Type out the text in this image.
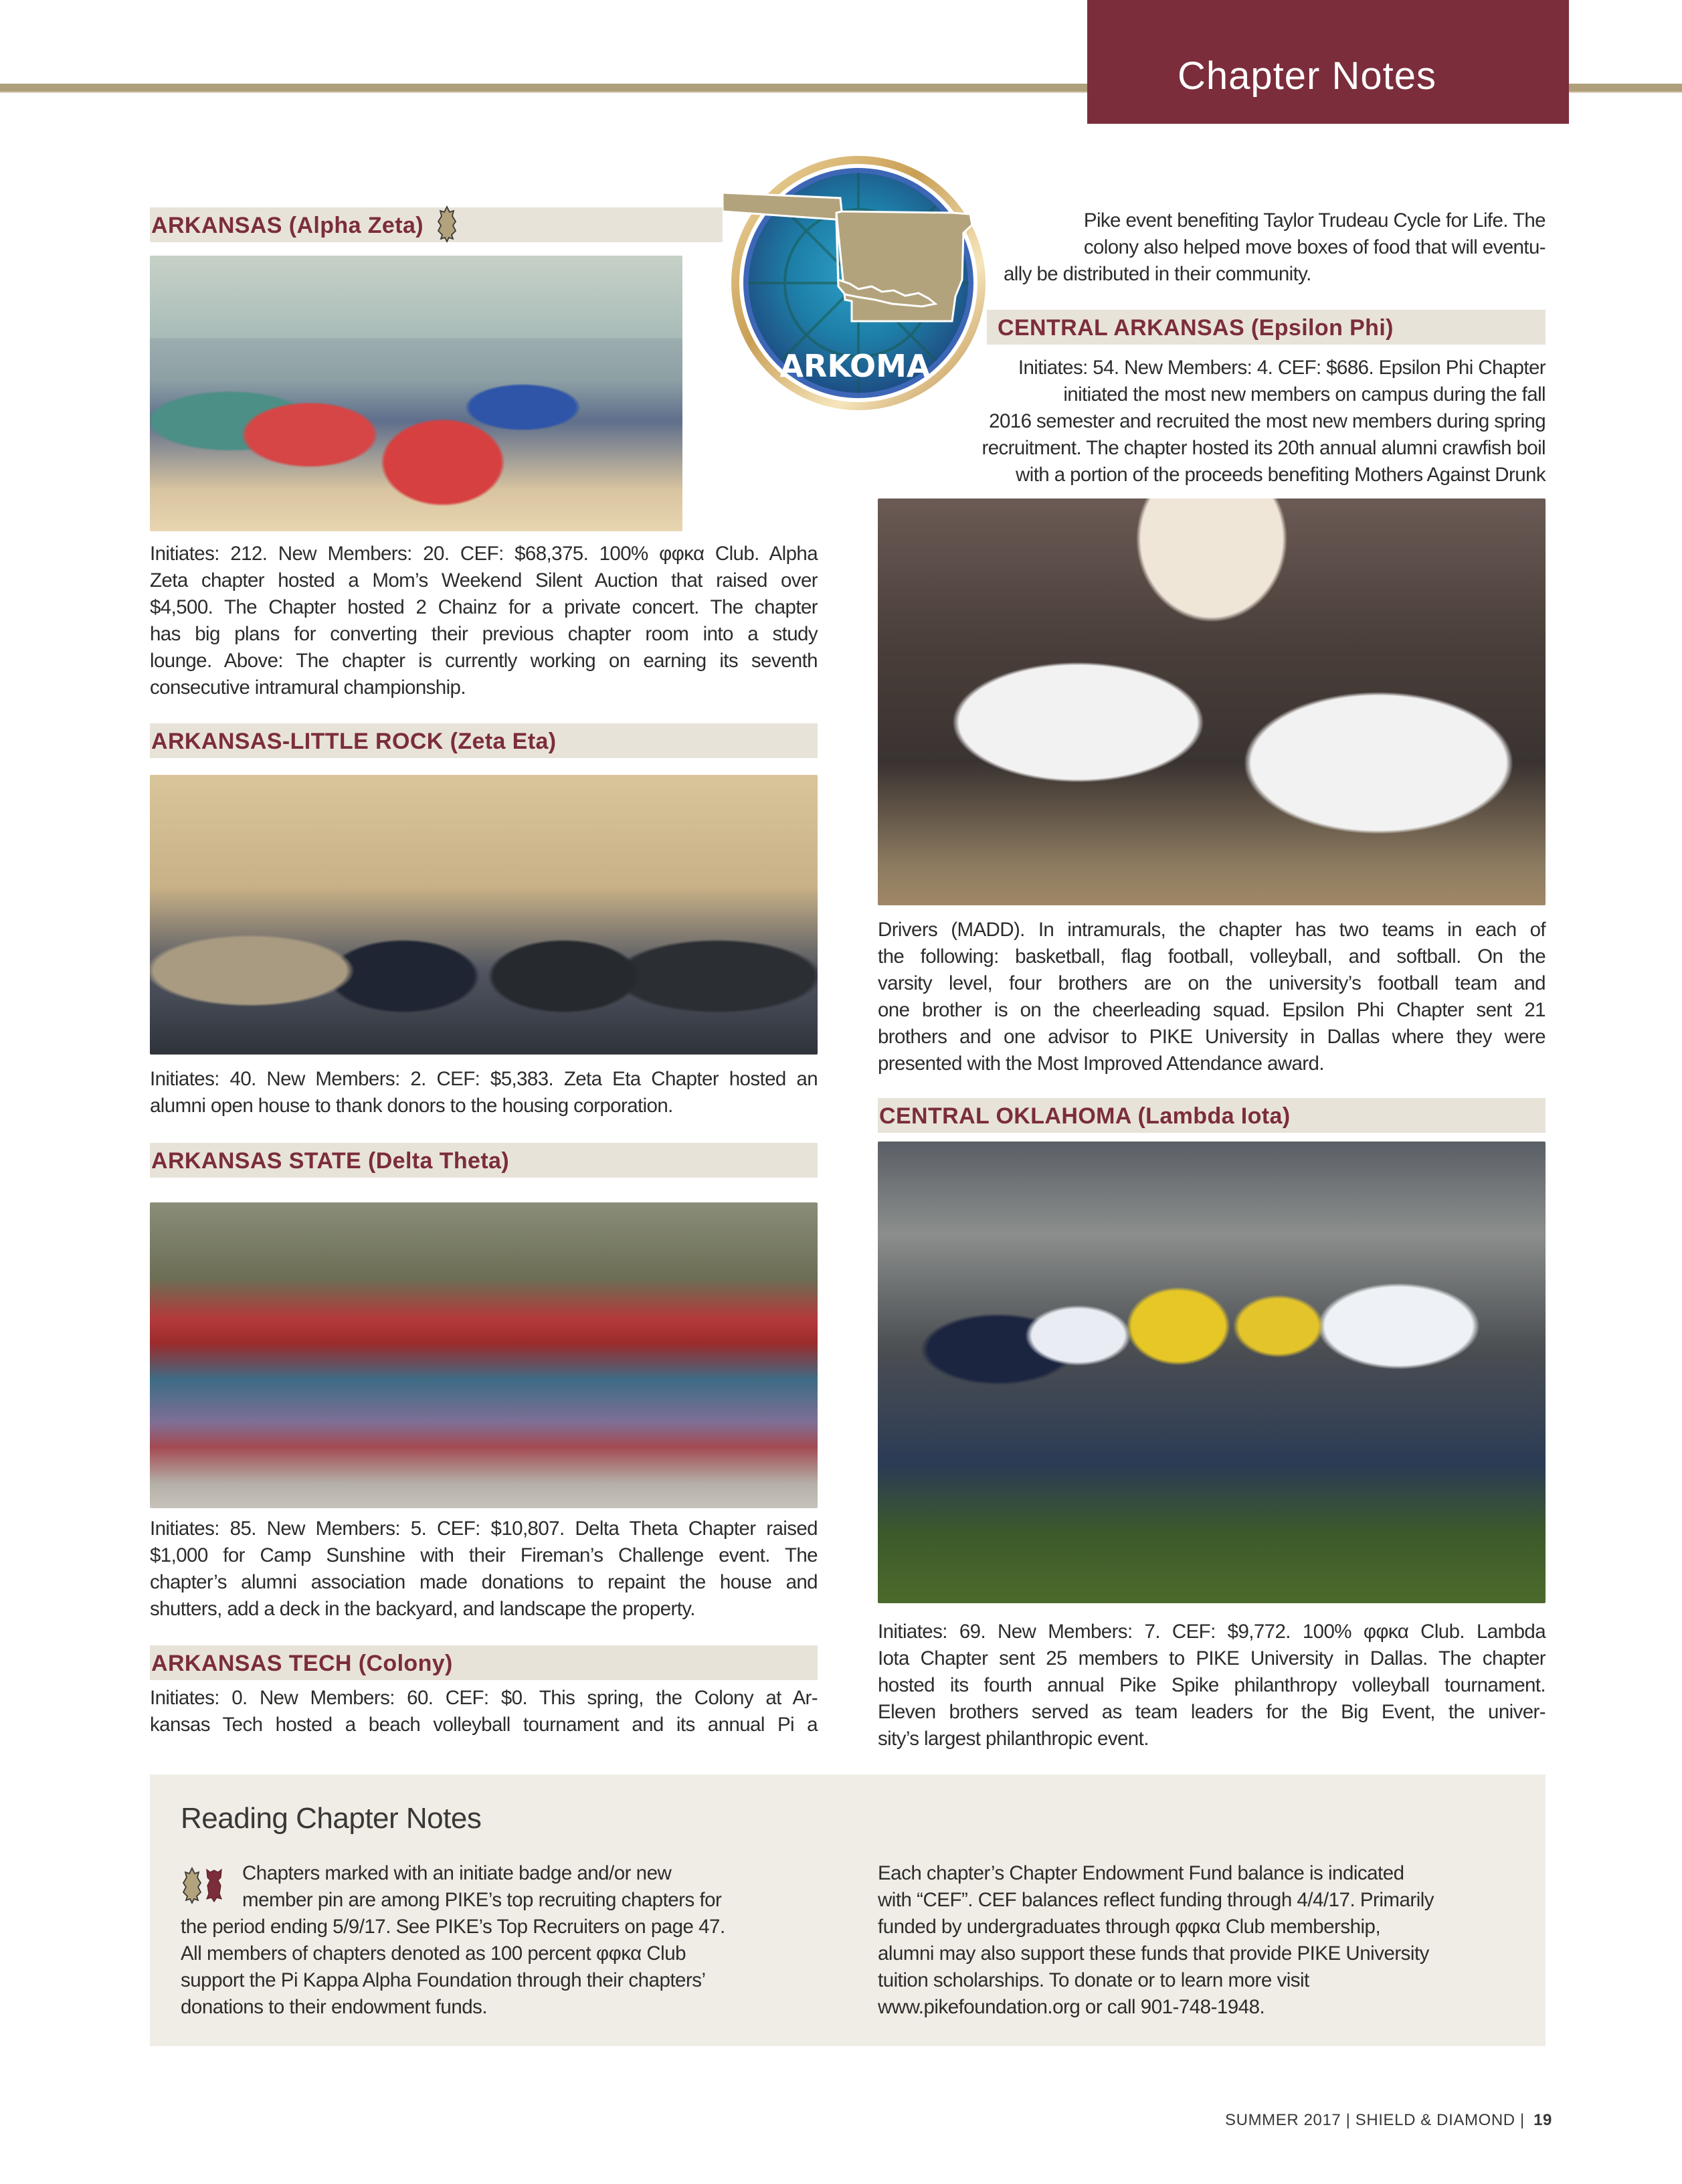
Chapter Notes
ARKOMA
ARKANSAS (Alpha Zeta)
Initiates: 212. New Members: 20. CEF: $68,375. 100% φφκα Club. Alpha
Zeta chapter hosted a Mom’s Weekend Silent Auction that raised over
$4,500. The Chapter hosted 2 Chainz for a private concert. The chapter
has big plans for converting their previous chapter room into a study
lounge. Above: The chapter is currently working on earning its seventh
consecutive intramural championship.
ARKANSAS-LITTLE ROCK (Zeta Eta)
Initiates: 40. New Members: 2. CEF: $5,383. Zeta Eta Chapter hosted an
alumni open house to thank donors to the housing corporation.
ARKANSAS STATE (Delta Theta)
Initiates: 85. New Members: 5. CEF: $10,807. Delta Theta Chapter raised
$1,000 for Camp Sunshine with their Fireman’s Challenge event. The
chapter’s alumni association made donations to repaint the house and
shutters, add a deck in the backyard, and landscape the property.
ARKANSAS TECH (Colony)
Initiates: 0. New Members: 60. CEF: $0. This spring, the Colony at Ar-
kansas Tech hosted a beach volleyball tournament and its annual Pi a
Pike event benefiting Taylor Trudeau Cycle for Life. The
colony also helped move boxes of food that will eventu-
ally be distributed in their community.
CENTRAL ARKANSAS (Epsilon Phi)
Initiates: 54. New Members: 4. CEF: $686. Epsilon Phi Chapter
initiated the most new members on campus during the fall
2016 semester and recruited the most new members during spring
recruitment. The chapter hosted its 20th annual alumni crawfish boil
with a portion of the proceeds benefiting Mothers Against Drunk
Drivers (MADD). In intramurals, the chapter has two teams in each of
the following: basketball, flag football, volleyball, and softball. On the
varsity level, four brothers are on the university’s football team and
one brother is on the cheerleading squad. Epsilon Phi Chapter sent 21
brothers and one advisor to PIKE University in Dallas where they were
presented with the Most Improved Attendance award.
CENTRAL OKLAHOMA (Lambda Iota)
Initiates: 69. New Members: 7. CEF: $9,772. 100% φφκα Club. Lambda
Iota Chapter sent 25 members to PIKE University in Dallas. The chapter
hosted its fourth annual Pike Spike philanthropy volleyball tournament.
Eleven brothers served as team leaders for the Big Event, the univer-
sity’s largest philanthropic event.
Reading Chapter Notes
Chapters marked with an initiate badge and/or new
member pin are among PIKE’s top recruiting chapters for
the period ending 5/9/17. See PIKE’s Top Recruiters on page 47.
All members of chapters denoted as 100 percent φφκα Club
support the Pi Kappa Alpha Foundation through their chapters’
donations to their endowment funds.
Each chapter’s Chapter Endowment Fund balance is indicated
with “CEF”. CEF balances reflect funding through 4/4/17. Primarily
funded by undergraduates through φφκα Club membership,
alumni may also support these funds that provide PIKE University
tuition scholarships. To donate or to learn more visit
www.pikefoundation.org or call 901-748-1948.
SUMMER 2017 | SHIELD & DIAMOND | 19
